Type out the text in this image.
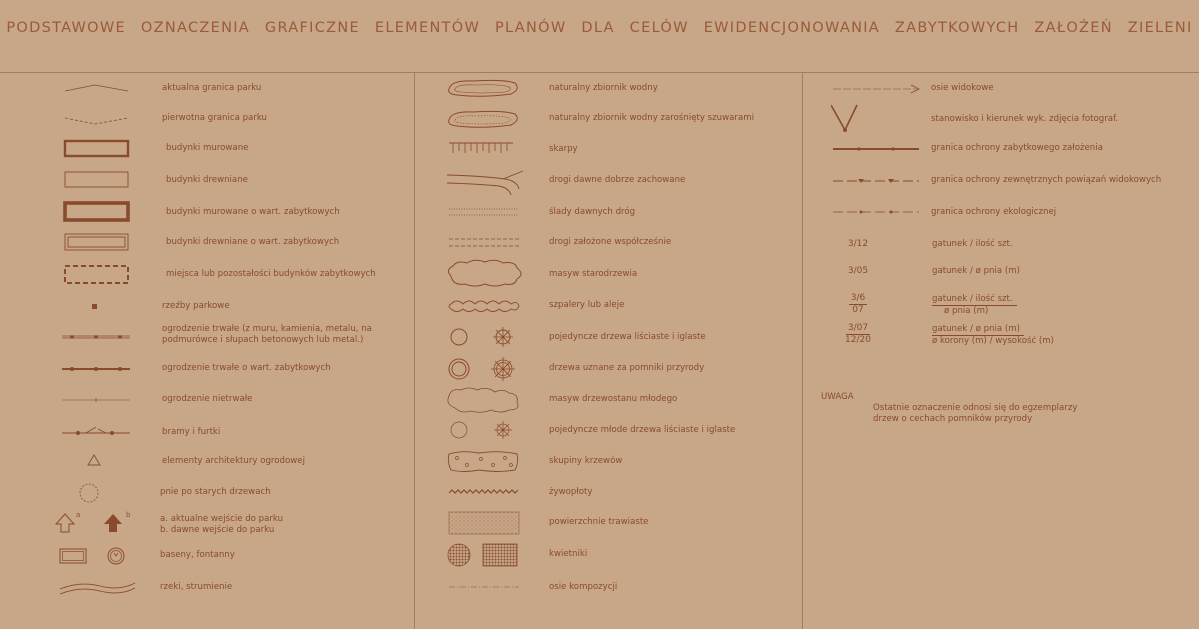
PODSTAWOWE OZNACZENIA GRAFICZNE ELEMENTÓW PLANÓW DLA CELÓW EWIDENCJONOWANIA ZABYTKOWYCH ZAŁOŻEŃ ZIELENI
aktualna granica parku
pierwotna granica parku
budynki murowane
budynki drewniane
budynki murowane o wart. zabytkowych
budynki drewniane o wart. zabytkowych
miejsca lub pozostałości budynków zabytkowych
rzeźby parkowe
ogrodzenie trwałe (z muru, kamienia, metalu, na
podmurówce i słupach betonowych lub metal.)
ogrodzenie trwałe o wart. zabytkowych
ogrodzenie nietrwałe
bramy i furtki
elementy architektury ogrodowej
pnie po starych drzewach
a	b	a. aktualne wejście do parku
b. dawne wejście do parku
baseny, fontanny
rzeki, strumienie
naturalny zbiornik wodny
naturalny zbiornik wodny zarośnięty szuwarami
skarpy
drogi dawne dobrze zachowane
ślady dawnych dróg
drogi założone współcześnie
masyw starodrzewia
szpalery lub aleje
pojedyncze drzewa liściaste i iglaste
drzewa uznane za pomniki przyrody
masyw drzewostanu młodego
pojedyncze młode drzewa liściaste i iglaste
skupiny krzewów
żywopłoty
powierzchnie trawiaste
kwietniki
osie kompozycji
osie widokowe
stanowisko i kierunek wyk. zdjęcia fotograf.
granica ochrony zabytkowego założenia
granica ochrony zewnętrznych powiązań widokowych
granica ochrony ekologicznej
3/12	gatunek / ilość szt.
3/05	gatunek / ø pnia (m)
$\frac{3/6}{07}$	gatunek / ilość szt.
ø pnia (m)
$\frac{3/07}{12/20}$	gatunek / ø pnia (m)
ø korony (m) / wysokość (m)
UWAGA
Ostatnie oznaczenie odnosi się do egzemplarzy
drzew o cechach pomników przyrody
